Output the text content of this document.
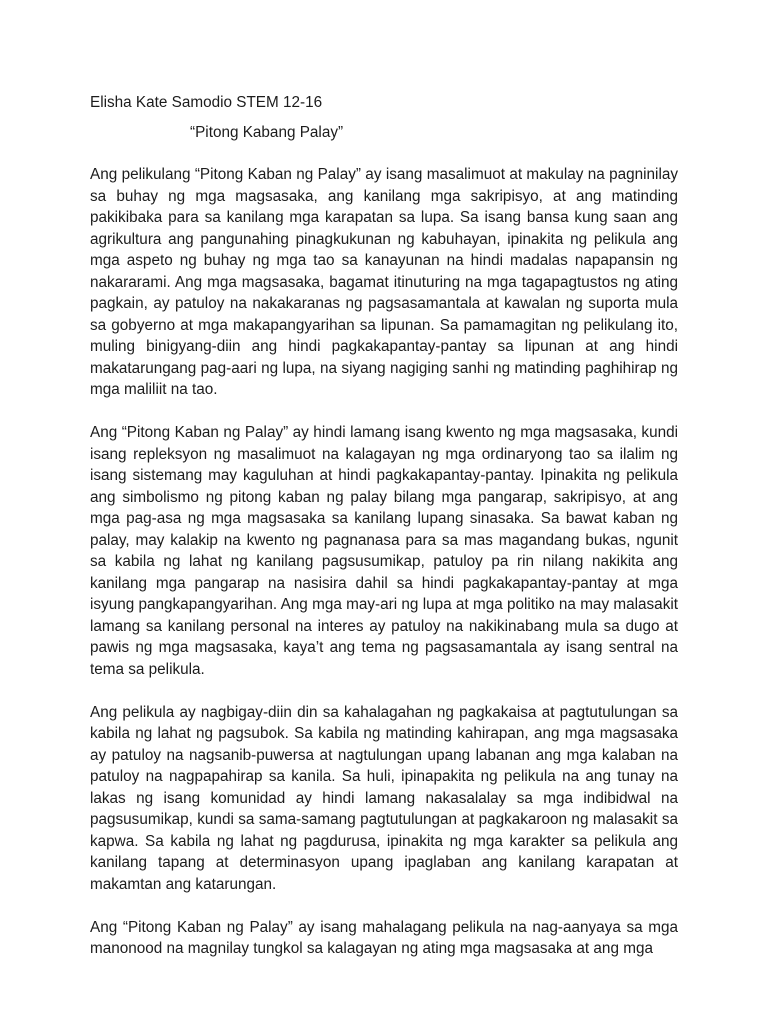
Elisha Kate Samodio STEM 12-16
“Pitong Kabang Palay”

Ang pelikulang “Pitong Kaban ng Palay” ay isang masalimuot at makulay na pagninilay sa buhay ng mga magsasaka, ang kanilang mga sakripisyo, at ang matinding pakikibaka para sa kanilang mga karapatan sa lupa. Sa isang bansa kung saan ang agrikultura ang pangunahing pinagkukunan ng kabuhayan, ipinakita ng pelikula ang mga aspeto ng buhay ng mga tao sa kanayunan na hindi madalas napapansin ng nakararami. Ang mga magsasaka, bagamat itinuturing na mga tagapagtustos ng ating pagkain, ay patuloy na nakakaranas ng pagsasamantala at kawalan ng suporta mula sa gobyerno at mga makapangyarihan sa lipunan. Sa pamamagitan ng pelikulang ito, muling binigyang-diin ang hindi pagkakapantay-pantay sa lipunan at ang hindi makatarungang pag-aari ng lupa, na siyang nagiging sanhi ng matinding paghihirap ng mga maliliit na tao.

Ang “Pitong Kaban ng Palay” ay hindi lamang isang kwento ng mga magsasaka, kundi isang repleksyon ng masalimuot na kalagayan ng mga ordinaryong tao sa ilalim ng isang sistemang may kaguluhan at hindi pagkakapantay-pantay. Ipinakita ng pelikula ang simbolismo ng pitong kaban ng palay bilang mga pangarap, sakripisyo, at ang mga pag-asa ng mga magsasaka sa kanilang lupang sinasaka. Sa bawat kaban ng palay, may kalakip na kwento ng pagnanasa para sa mas magandang bukas, ngunit sa kabila ng lahat ng kanilang pagsusumikap, patuloy pa rin nilang nakikita ang kanilang mga pangarap na nasisira dahil sa hindi pagkakapantay-pantay at mga isyung pangkapangyarihan. Ang mga may-ari ng lupa at mga politiko na may malasakit lamang sa kanilang personal na interes ay patuloy na nakikinabang mula sa dugo at pawis ng mga magsasaka, kaya’t ang tema ng pagsasamantala ay isang sentral na tema sa pelikula.

Ang pelikula ay nagbigay-diin din sa kahalagahan ng pagkakaisa at pagtutulungan sa kabila ng lahat ng pagsubok. Sa kabila ng matinding kahirapan, ang mga magsasaka ay patuloy na nagsanib-puwersa at nagtulungan upang labanan ang mga kalaban na patuloy na nagpapahirap sa kanila. Sa huli, ipinapakita ng pelikula na ang tunay na lakas ng isang komunidad ay hindi lamang nakasalalay sa mga indibidwal na pagsusumikap, kundi sa sama-samang pagtutulungan at pagkakaroon ng malasakit sa kapwa. Sa kabila ng lahat ng pagdurusa, ipinakita ng mga karakter sa pelikula ang kanilang tapang at determinasyon upang ipaglaban ang kanilang karapatan at makamtan ang katarungan.

Ang “Pitong Kaban ng Palay” ay isang mahalagang pelikula na nag-aanyaya sa mga manonood na magnilay tungkol sa kalagayan ng ating mga magsasaka at ang mga
